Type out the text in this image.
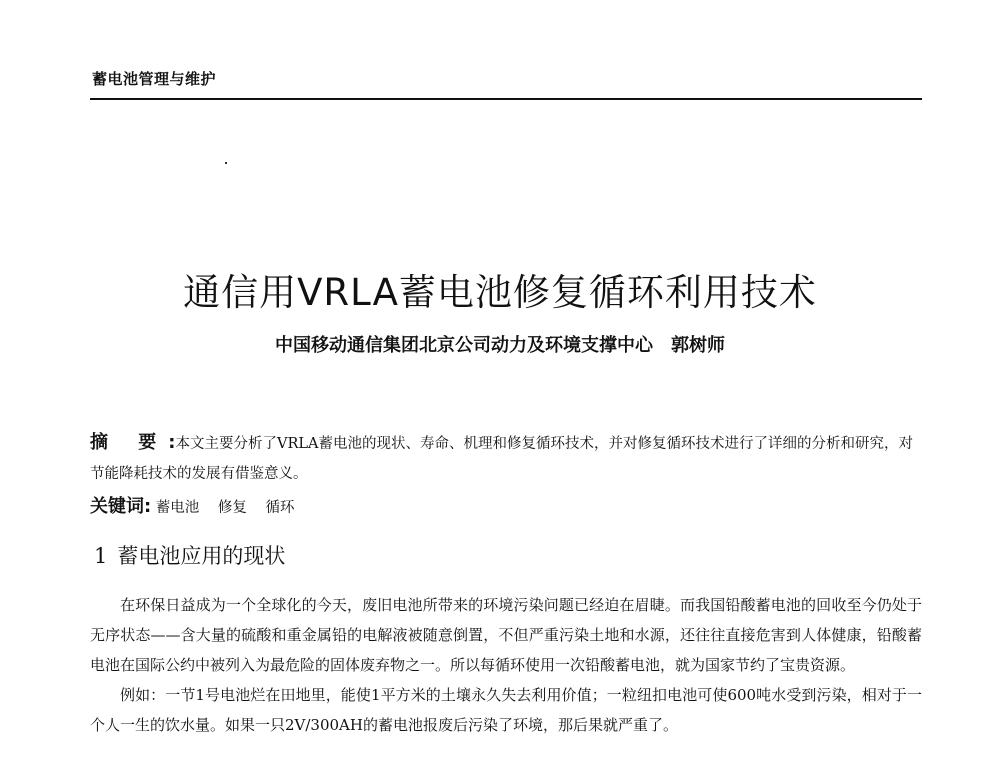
蓄电池管理与维护
通信用VRLA蓄电池修复循环利用技术
中国移动通信集团北京公司动力及环境支撑中心 郭树师
摘 要:本文主要分析了VRLA蓄电池的现状、寿命、机理和修复循环技术，并对修复循环技术进行了详细的分析和研究，对节能降耗技术的发展有借鉴意义。
关键词: 蓄电池 修复 循环
1 蓄电池应用的现状

在环保日益成为一个全球化的今天，废旧电池所带来的环境污染问题已经迫在眉睫。而我国铅酸蓄电池的回收至今仍处于无序状态——含大量的硫酸和重金属铅的电解液被随意倒置，不但严重污染土地和水源，还往往直接危害到人体健康，铅酸蓄电池在国际公约中被列入为最危险的固体废弃物之一。所以每循环使用一次铅酸蓄电池，就为国家节约了宝贵资源。

例如：一节1号电池烂在田地里，能使1平方米的土壤永久失去利用价值；一粒纽扣电池可使600吨水受到污染，相对于一个人一生的饮水量。如果一只2V/300AH的蓄电池报废后污染了环境，那后果就严重了。
